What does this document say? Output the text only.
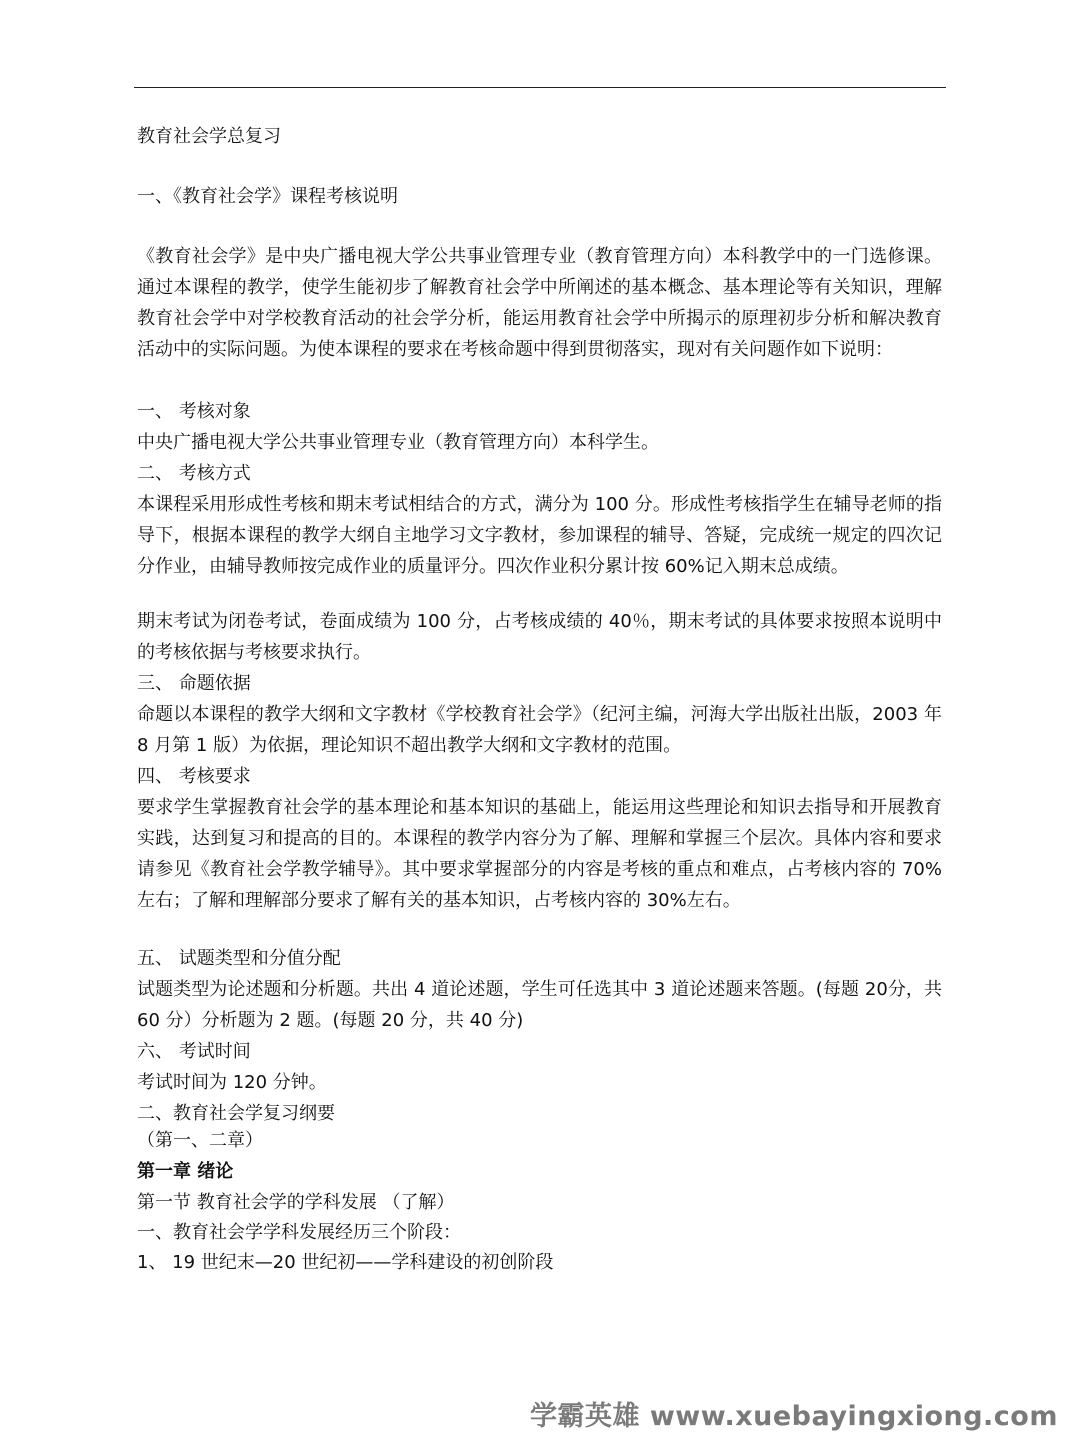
教育社会学总复习
一、《教育社会学》课程考核说明
《教育社会学》是中央广播电视大学公共事业管理专业（教育管理方向）本科教学中的一门选修课。通过本课程的教学，使学生能初步了解教育社会学中所阐述的基本概念、基本理论等有关知识，理解教育社会学中对学校教育活动的社会学分析，能运用教育社会学中所揭示的原理初步分析和解决教育活动中的实际问题。为使本课程的要求在考核命题中得到贯彻落实，现对有关问题作如下说明：
一、 考核对象
中央广播电视大学公共事业管理专业（教育管理方向）本科学生。
二、 考核方式
本课程采用形成性考核和期末考试相结合的方式，满分为 100 分。形成性考核指学生在辅导老师的指导下，根据本课程的教学大纲自主地学习文字教材，参加课程的辅导、答疑，完成统一规定的四次记分作业，由辅导教师按完成作业的质量评分。四次作业积分累计按 60%记入期末总成绩。
期末考试为闭卷考试，卷面成绩为 100 分，占考核成绩的 40％，期末考试的具体要求按照本说明中的考核依据与考核要求执行。
三、 命题依据
命题以本课程的教学大纲和文字教材《学校教育社会学》（纪河主编，河海大学出版社出版，2003 年 8 月第 1 版）为依据，理论知识不超出教学大纲和文字教材的范围。
四、 考核要求
要求学生掌握教育社会学的基本理论和基本知识的基础上，能运用这些理论和知识去指导和开展教育实践，达到复习和提高的目的。本课程的教学内容分为了解、理解和掌握三个层次。具体内容和要求请参见《教育社会学教学辅导》。其中要求掌握部分的内容是考核的重点和难点，占考核内容的 70%左右；了解和理解部分要求了解有关的基本知识，占考核内容的 30%左右。
五、 试题类型和分值分配
试题类型为论述题和分析题。共出 4 道论述题，学生可任选其中 3 道论述题来答题。(每题 20分，共 60 分）分析题为 2 题。(每题 20 分，共 40 分)
六、 考试时间
考试时间为 120 分钟。
二、教育社会学复习纲要
（第一、二章）
第一章 绪论
第一节 教育社会学的学科发展 （了解）
一、教育社会学学科发展经历三个阶段：
1、 19 世纪末—20 世纪初——学科建设的初创阶段
学霸英雄 www.xuebayingxiong.com
